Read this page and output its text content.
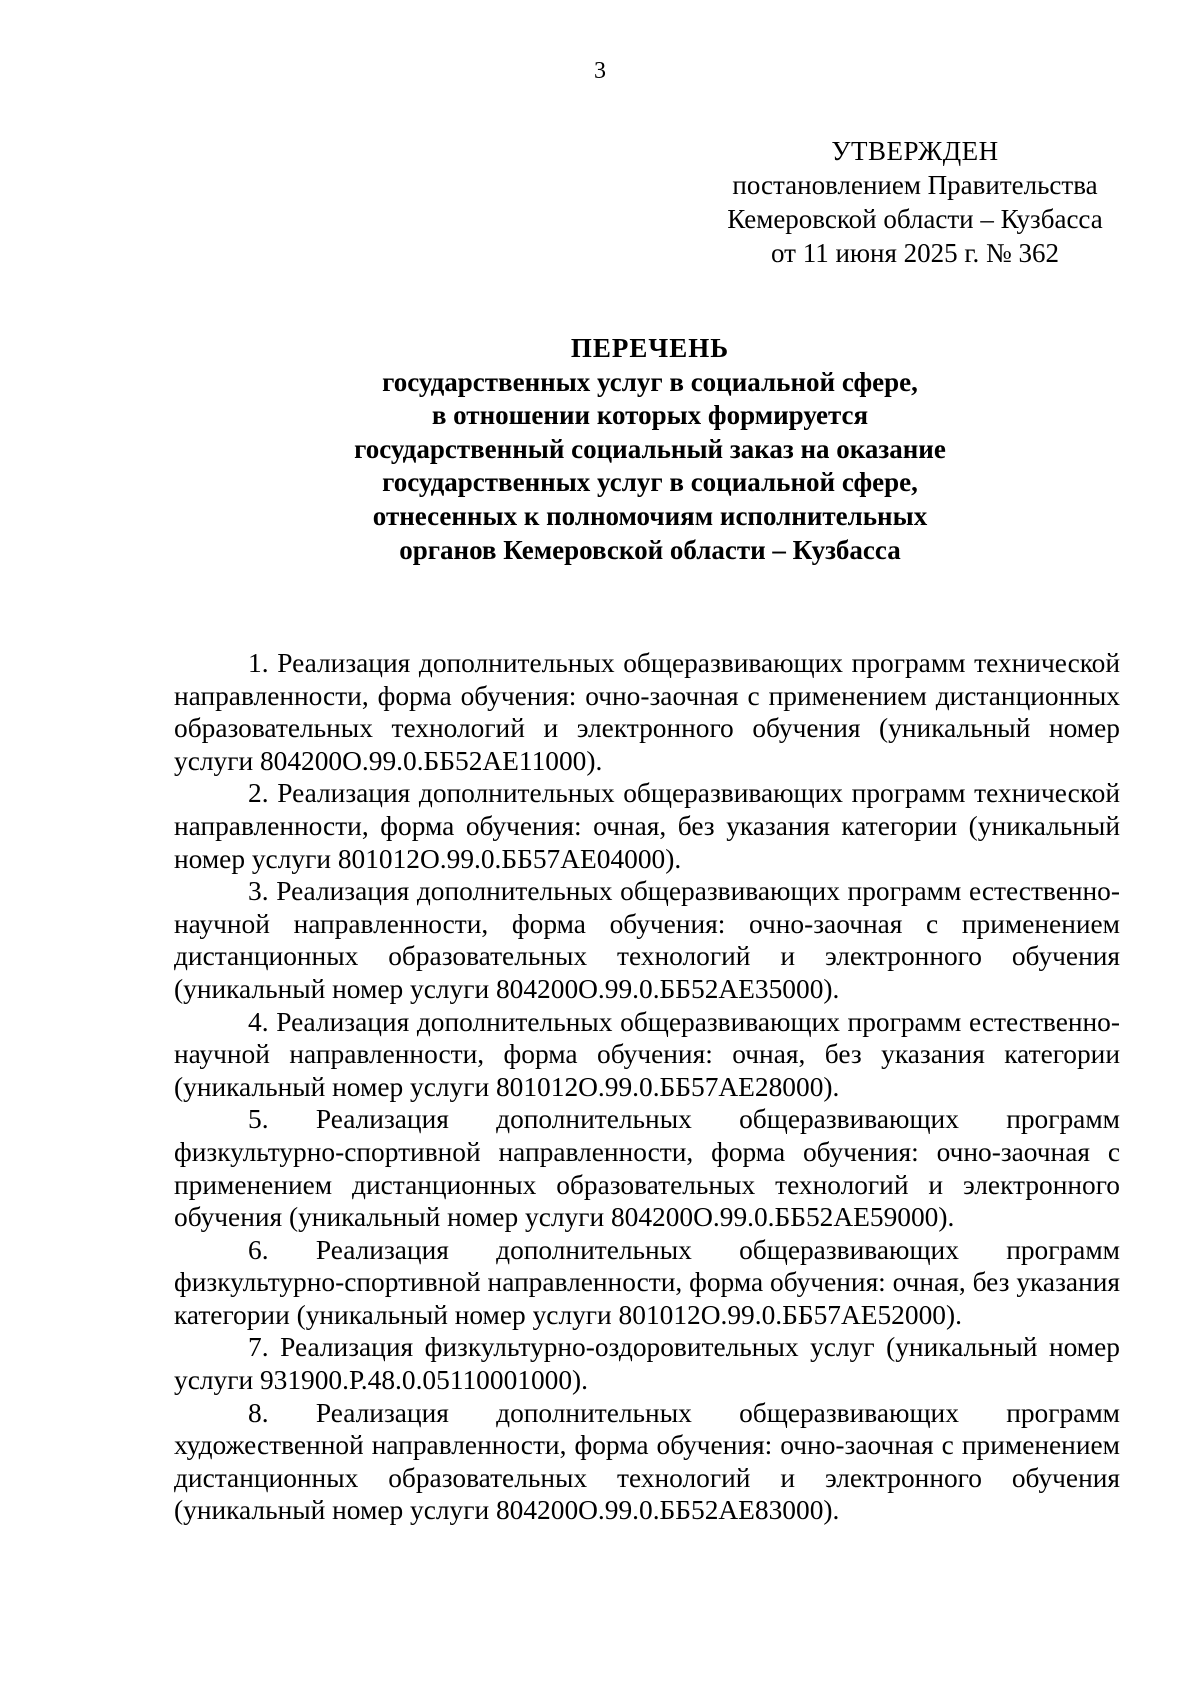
3
УТВЕРЖДЕН
постановлением Правительства
Кемеровской области – Кузбасса
от 11 июня 2025 г. № 362
ПЕРЕЧЕНЬ
государственных услуг в социальной сфере,
в отношении которых формируется
государственный социальный заказ на оказание
государственных услуг в социальной сфере,
отнесенных к полномочиям исполнительных
органов Кемеровской области – Кузбасса

1. Реализация дополнительных общеразвивающих программ технической направленности, форма обучения: очно-заочная с применением дистанционных образовательных технологий и электронного обучения (уникальный номер услуги 804200О.99.0.ББ52АЕ11000).

2. Реализация дополнительных общеразвивающих программ технической направленности, форма обучения: очная, без указания категории (уникальный номер услуги 801012О.99.0.ББ57АЕ04000).

3. Реализация дополнительных общеразвивающих программ естественно-научной направленности, форма обучения: очно-заочная с применением дистанционных образовательных технологий и электронного обучения (уникальный номер услуги 804200О.99.0.ББ52АЕ35000).

4. Реализация дополнительных общеразвивающих программ естественно-научной направленности, форма обучения: очная, без указания категории (уникальный номер услуги 801012О.99.0.ББ57АЕ28000).

5. Реализация дополнительных общеразвивающих программ физкультурно-спортивной направленности, форма обучения: очно-заочная с применением дистанционных образовательных технологий и электронного обучения (уникальный номер услуги 804200О.99.0.ББ52АЕ59000).

6. Реализация дополнительных общеразвивающих программ физкультурно-спортивной направленности, форма обучения: очная, без указания категории (уникальный номер услуги 801012О.99.0.ББ57АЕ52000).

7. Реализация физкультурно-оздоровительных услуг (уникальный номер услуги 931900.Р.48.0.05110001000).

8. Реализация дополнительных общеразвивающих программ художественной направленности, форма обучения: очно-заочная с применением дистанционных образовательных технологий и электронного обучения (уникальный номер услуги 804200О.99.0.ББ52АЕ83000).
